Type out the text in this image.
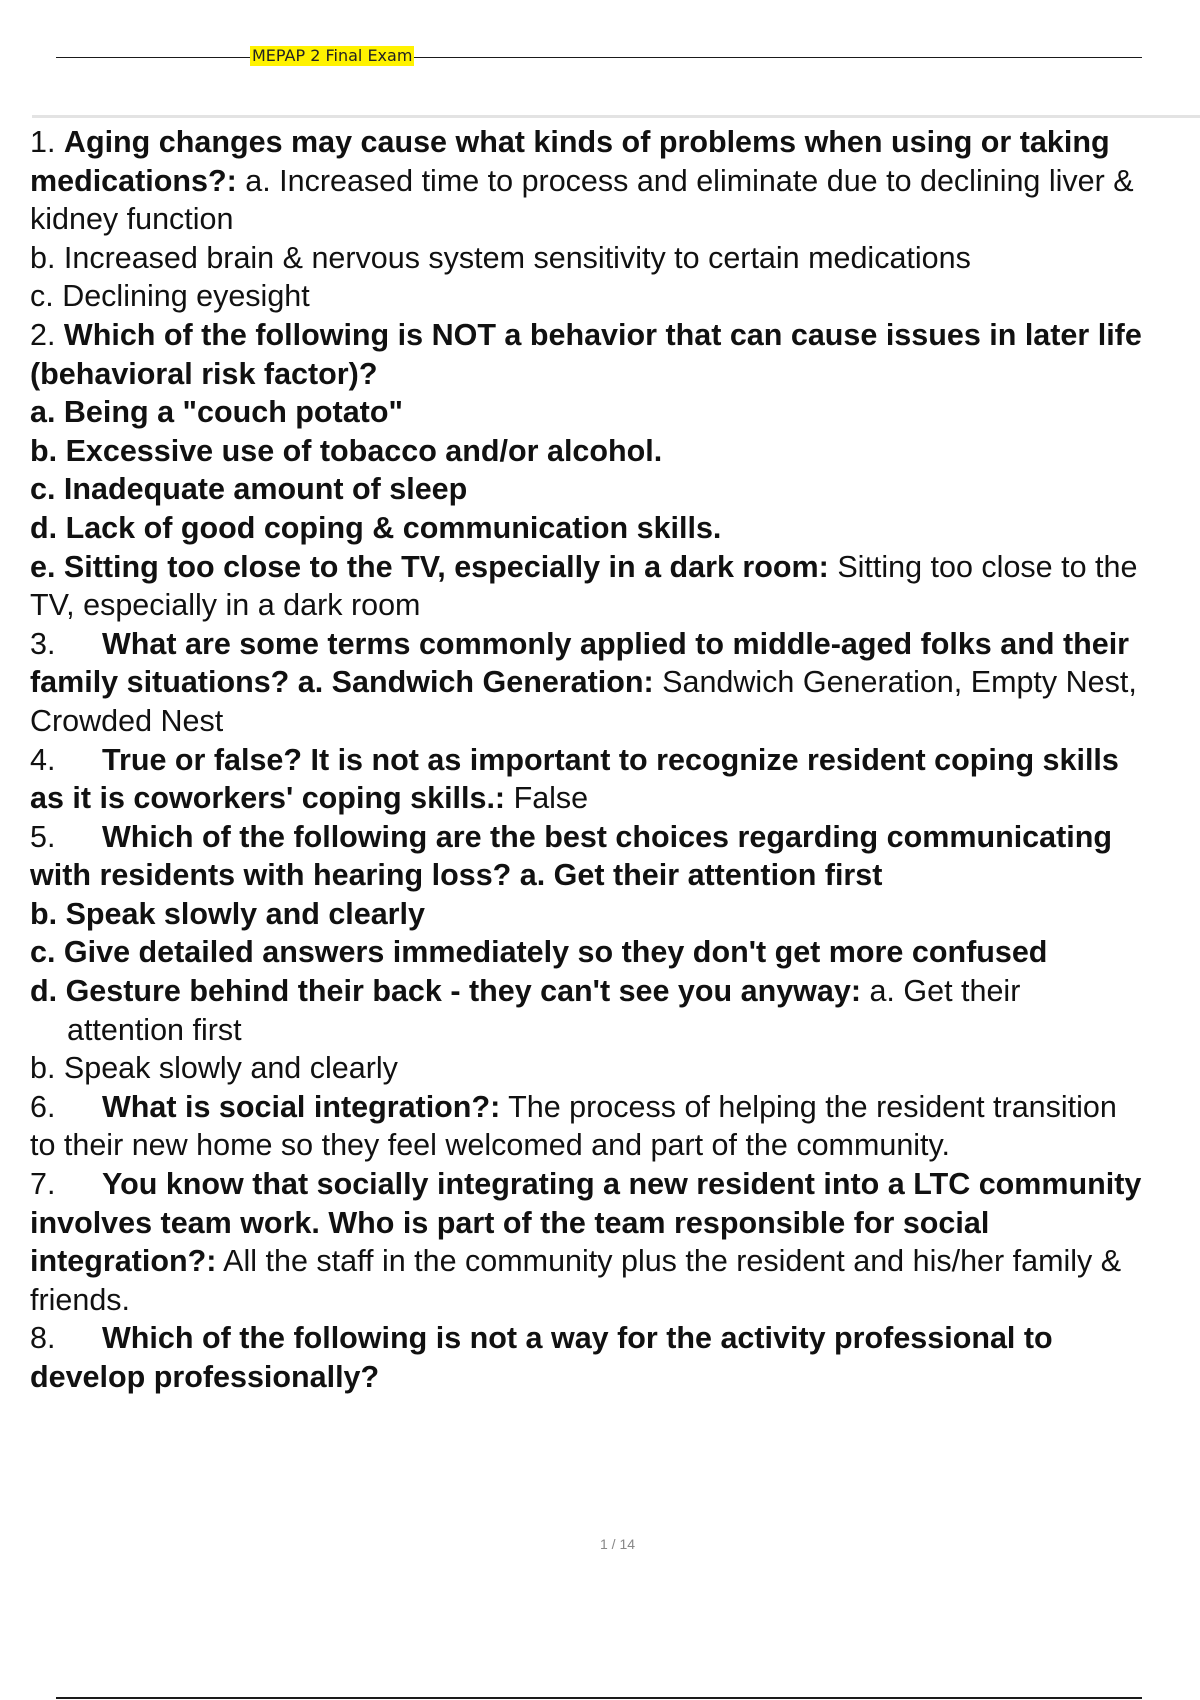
MEPAP 2 Final Exam
1. Aging changes may cause what kinds of problems when using or taking
medications?: a. Increased time to process and eliminate due to declining liver &
kidney function
b. Increased brain & nervous system sensitivity to certain medications
c. Declining eyesight
2. Which of the following is NOT a behavior that can cause issues in later life
(behavioral risk factor)?
a. Being a "couch potato"
b. Excessive use of tobacco and/or alcohol.
c. Inadequate amount of sleep
d. Lack of good coping & communication skills.
e. Sitting too close to the TV, especially in a dark room: Sitting too close to the
TV, especially in a dark room
3. What are some terms commonly applied to middle-aged folks and their
family situations? a. Sandwich Generation: Sandwich Generation, Empty Nest,
Crowded Nest
4. True or false? It is not as important to recognize resident coping skills
as it is coworkers' coping skills.: False
5. Which of the following are the best choices regarding communicating
with residents with hearing loss? a. Get their attention first
b. Speak slowly and clearly
c. Give detailed answers immediately so they don't get more confused
d. Gesture behind their back - they can't see you anyway: a. Get their
attention first
b. Speak slowly and clearly
6. What is social integration?: The process of helping the resident transition
to their new home so they feel welcomed and part of the community.
7. You know that socially integrating a new resident into a LTC community
involves team work. Who is part of the team responsible for social
integration?: All the staff in the community plus the resident and his/her family &
friends.
8. Which of the following is not a way for the activity professional to
develop professionally?
1 / 14
